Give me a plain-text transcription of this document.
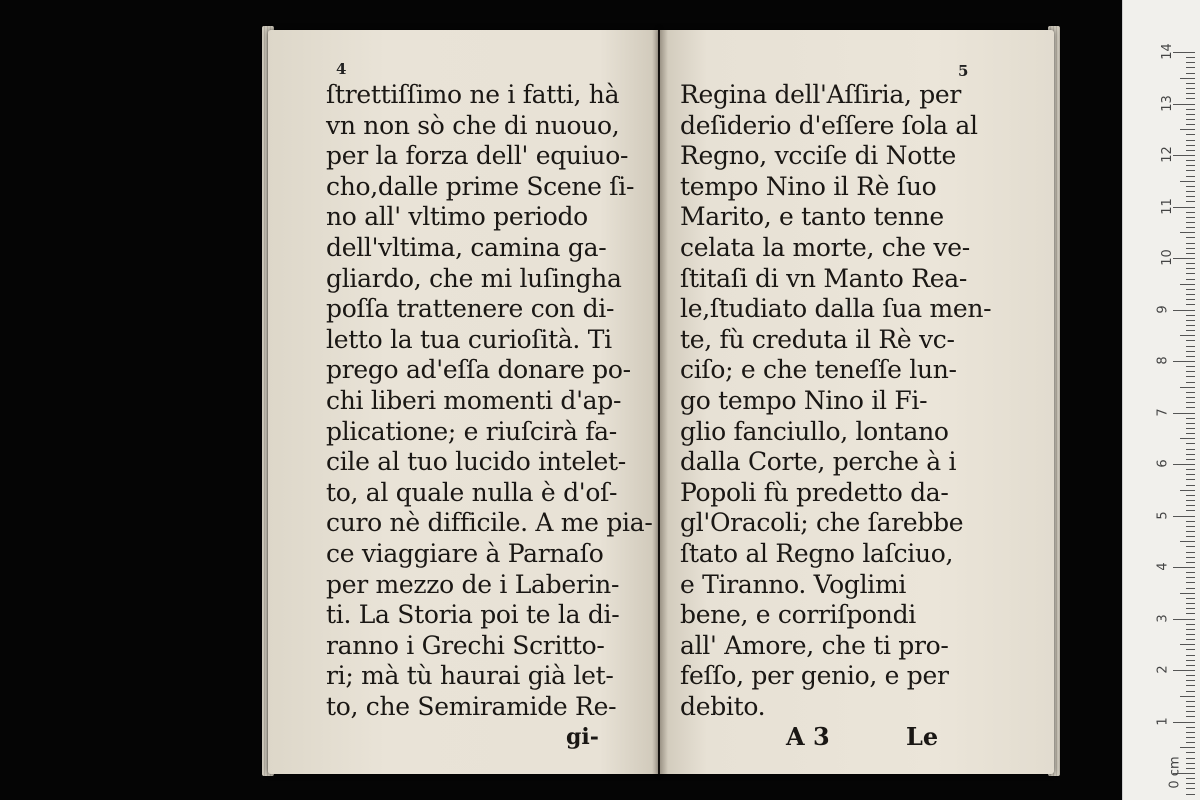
4
ſtrettiſſimo ne i fatti, hà
vn non sò che di nuouo,
per la forza dell' equiuo-
cho,dalle prime Scene ſi-
no all' vltimo periodo
dell'vltima, camina ga-
gliardo, che mi luſingha
poſſa trattenere con di-
letto la tua curioſità. Ti
prego ad'eſſa donare po-
chi liberi momenti d'ap-
plicatione; e riuſcirà fa-
cile al tuo lucido intelet-
to, al quale nulla è d'oſ-
curo nè difficile. A me pia-
ce viaggiare à Parnaſo
per mezzo de i Laberin-
ti. La Storia poi te la di-
ranno i Grechi Scritto-
ri; mà tù haurai già let-
to, che Semiramide Re-
gi-
5
Regina dell'Aſſiria, per
deſiderio d'eſſere ſola al
Regno, vcciſe di Notte
tempo Nino il Rè ſuo
Marito, e tanto tenne
celata la morte, che ve-
ſtitaſi di vn Manto Rea-
le,ſtudiato dalla ſua men-
te, fù creduta il Rè vc-
ciſo; e che teneſſe lun-
go tempo Nino il Fi-
glio fanciullo, lontano
dalla Corte, perche à i
Popoli fù predetto da-
gl'Oracoli; che ſarebbe
ſtato al Regno laſciuo,
e Tiranno. Voglimi
bene, e corriſpondi
all' Amore, che ti pro-
feſſo, per genio, e per
debito.
A 3	Le
14
13
12
11
10
9
8
7
6
5
4
3
2
1
0 cm
